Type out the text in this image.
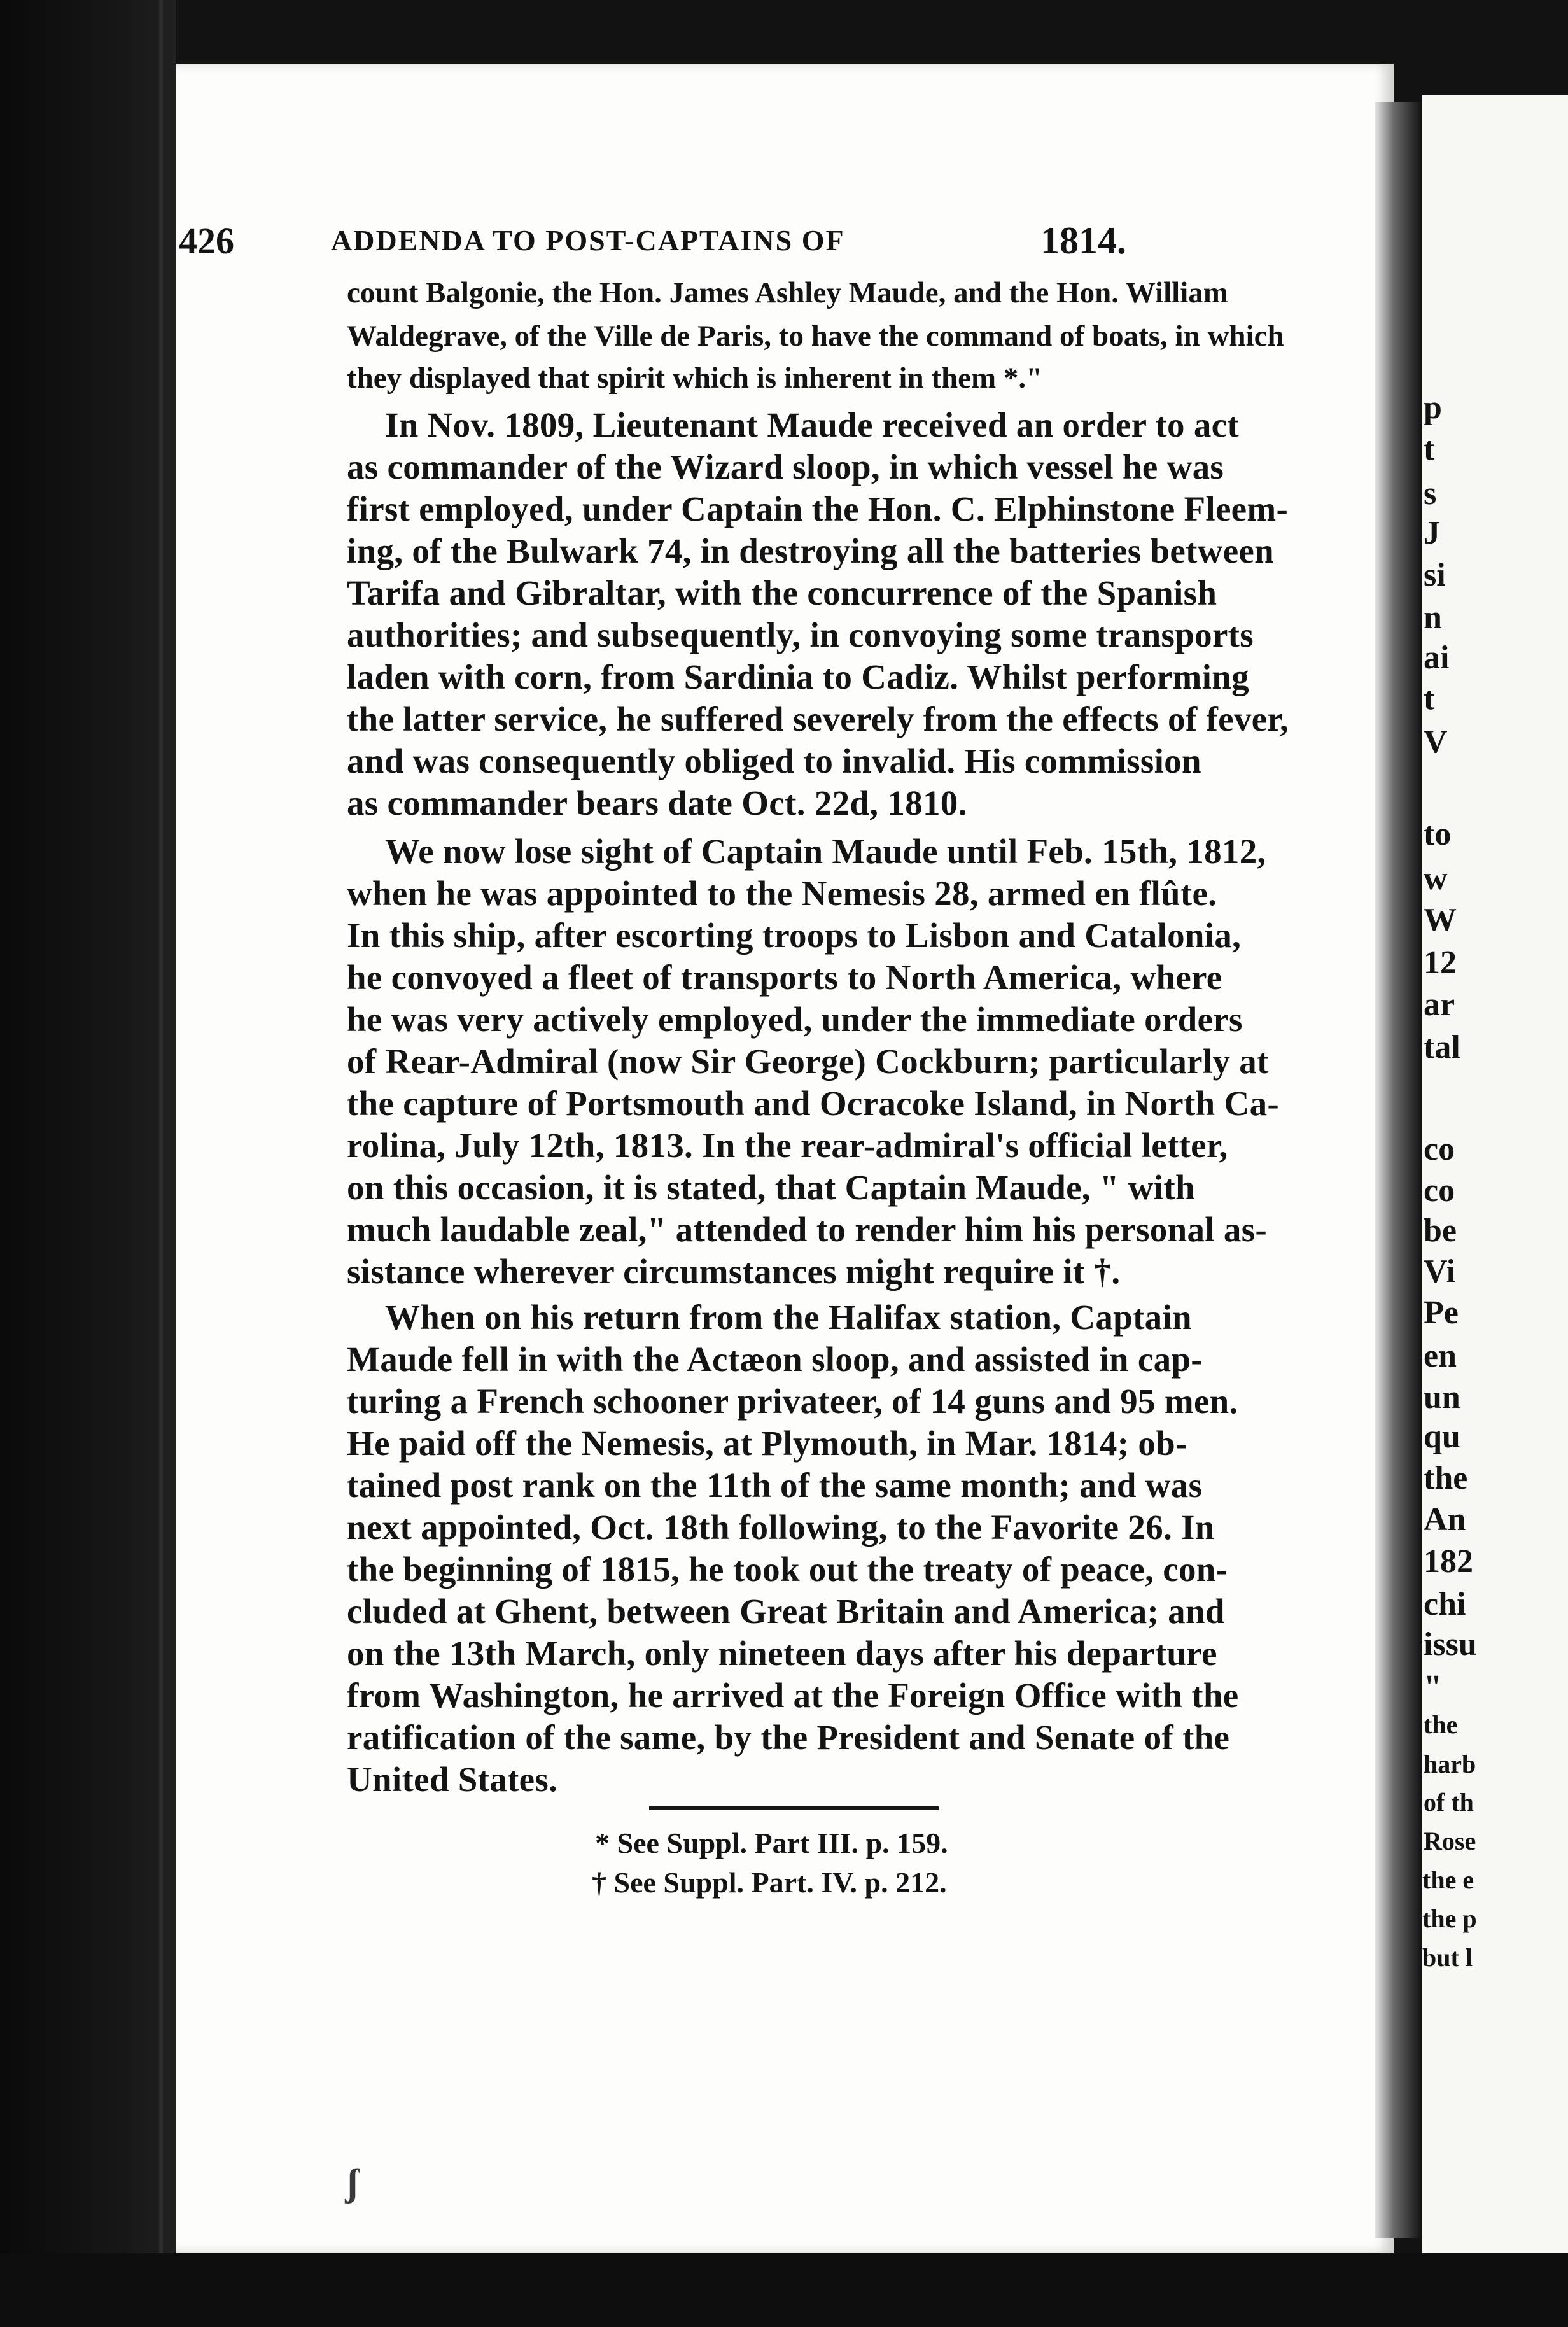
p
t
s
J
si
n
ai
t
V
to
w
W
12
ar
tal
co
co
be
Vi
Pe
en
un
qu
the
An
182
chi
issu
"
the
harb
of th
Rose
the e
the p
but l
426	ADDENDA TO POST-CAPTAINS OF	1814.
count Balgonie, the Hon. James Ashley Maude, and the Hon. William
Waldegrave, of the Ville de Paris, to have the command of boats, in which
they displayed that spirit which is inherent in them *."
In Nov. 1809, Lieutenant Maude received an order to act
as commander of the Wizard sloop, in which vessel he was
first employed, under Captain the Hon. C. Elphinstone Fleem-
ing, of the Bulwark 74, in destroying all the batteries between
Tarifa and Gibraltar, with the concurrence of the Spanish
authorities; and subsequently, in convoying some transports
laden with corn, from Sardinia to Cadiz. Whilst performing
the latter service, he suffered severely from the effects of fever,
and was consequently obliged to invalid. His commission
as commander bears date Oct. 22d, 1810.
We now lose sight of Captain Maude until Feb. 15th, 1812,
when he was appointed to the Nemesis 28, armed en flûte.
In this ship, after escorting troops to Lisbon and Catalonia,
he convoyed a fleet of transports to North America, where
he was very actively employed, under the immediate orders
of Rear-Admiral (now Sir George) Cockburn; particularly at
the capture of Portsmouth and Ocracoke Island, in North Ca-
rolina, July 12th, 1813. In the rear-admiral's official letter,
on this occasion, it is stated, that Captain Maude, " with
much laudable zeal," attended to render him his personal as-
sistance wherever circumstances might require it †.
When on his return from the Halifax station, Captain
Maude fell in with the Actæon sloop, and assisted in cap-
turing a French schooner privateer, of 14 guns and 95 men.
He paid off the Nemesis, at Plymouth, in Mar. 1814; ob-
tained post rank on the 11th of the same month; and was
next appointed, Oct. 18th following, to the Favorite 26. In
the beginning of 1815, he took out the treaty of peace, con-
cluded at Ghent, between Great Britain and America; and
on the 13th March, only nineteen days after his departure
from Washington, he arrived at the Foreign Office with the
ratification of the same, by the President and Senate of the
United States.
* See Suppl. Part III. p. 159.
† See Suppl. Part. IV. p. 212.
ʃ
